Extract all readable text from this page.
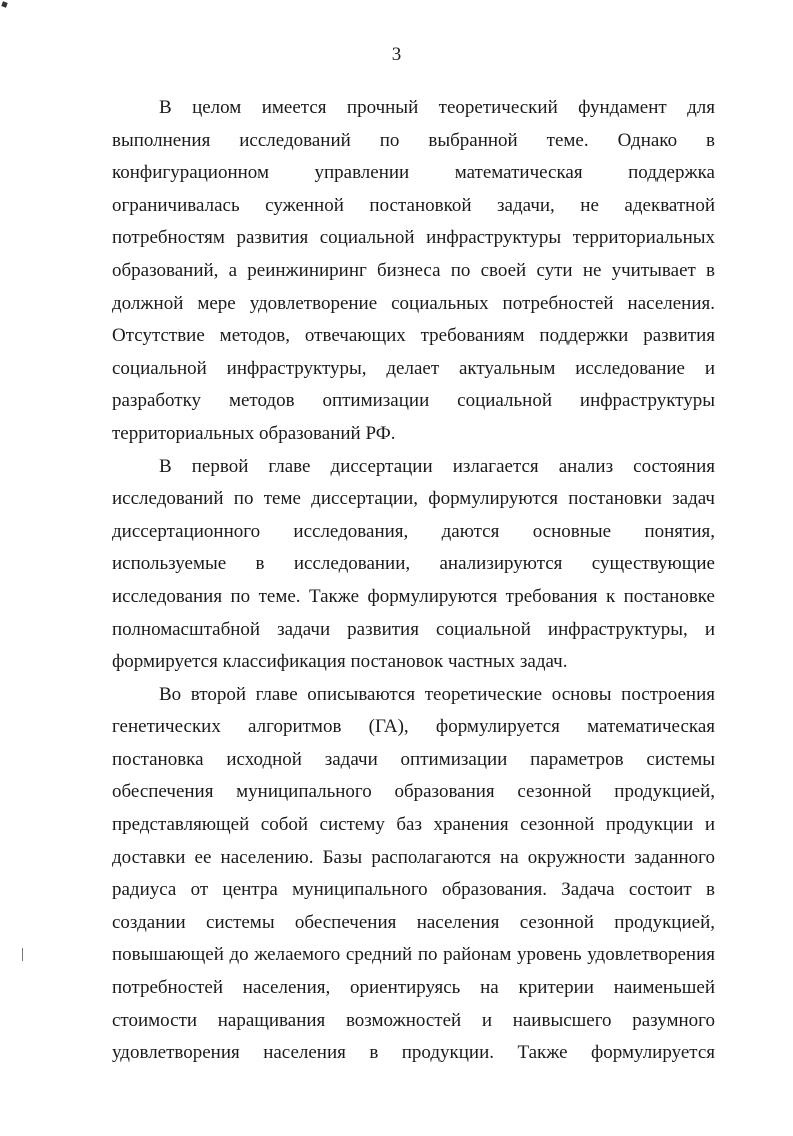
3
В целом имеется прочный теоретический фундамент для
выполнения исследований по выбранной теме. Однако в
конфигурационном управлении математическая поддержка
ограничивалась суженной постановкой задачи, не адекватной
потребностям развития социальной инфраструктуры территориальных
образований, а реинжиниринг бизнеса по своей сути не учитывает в
должной мере удовлетворение социальных потребностей населения.
Отсутствие методов, отвечающих требованиям поддержки развития
социальной инфраструктуры, делает актуальным исследование и
разработку методов оптимизации социальной инфраструктуры
территориальных образований РФ.
В первой главе диссертации излагается анализ состояния
исследований по теме диссертации, формулируются постановки задач
диссертационного исследования, даются основные понятия,
используемые в исследовании, анализируются существующие
исследования по теме. Также формулируются требования к постановке
полномасштабной задачи развития социальной инфраструктуры, и
формируется классификация постановок частных задач.
Во второй главе описываются теоретические основы построения
генетических алгоритмов (ГА), формулируется математическая
постановка исходной задачи оптимизации параметров системы
обеспечения муниципального образования сезонной продукцией,
представляющей собой систему баз хранения сезонной продукции и
доставки ее населению. Базы располагаются на окружности заданного
радиуса от центра муниципального образования. Задача состоит в
создании системы обеспечения населения сезонной продукцией,
повышающей до желаемого средний по районам уровень удовлетворения
потребностей населения, ориентируясь на критерии наименьшей
стоимости наращивания возможностей и наивысшего разумного
удовлетворения населения в продукции. Также формулируется
